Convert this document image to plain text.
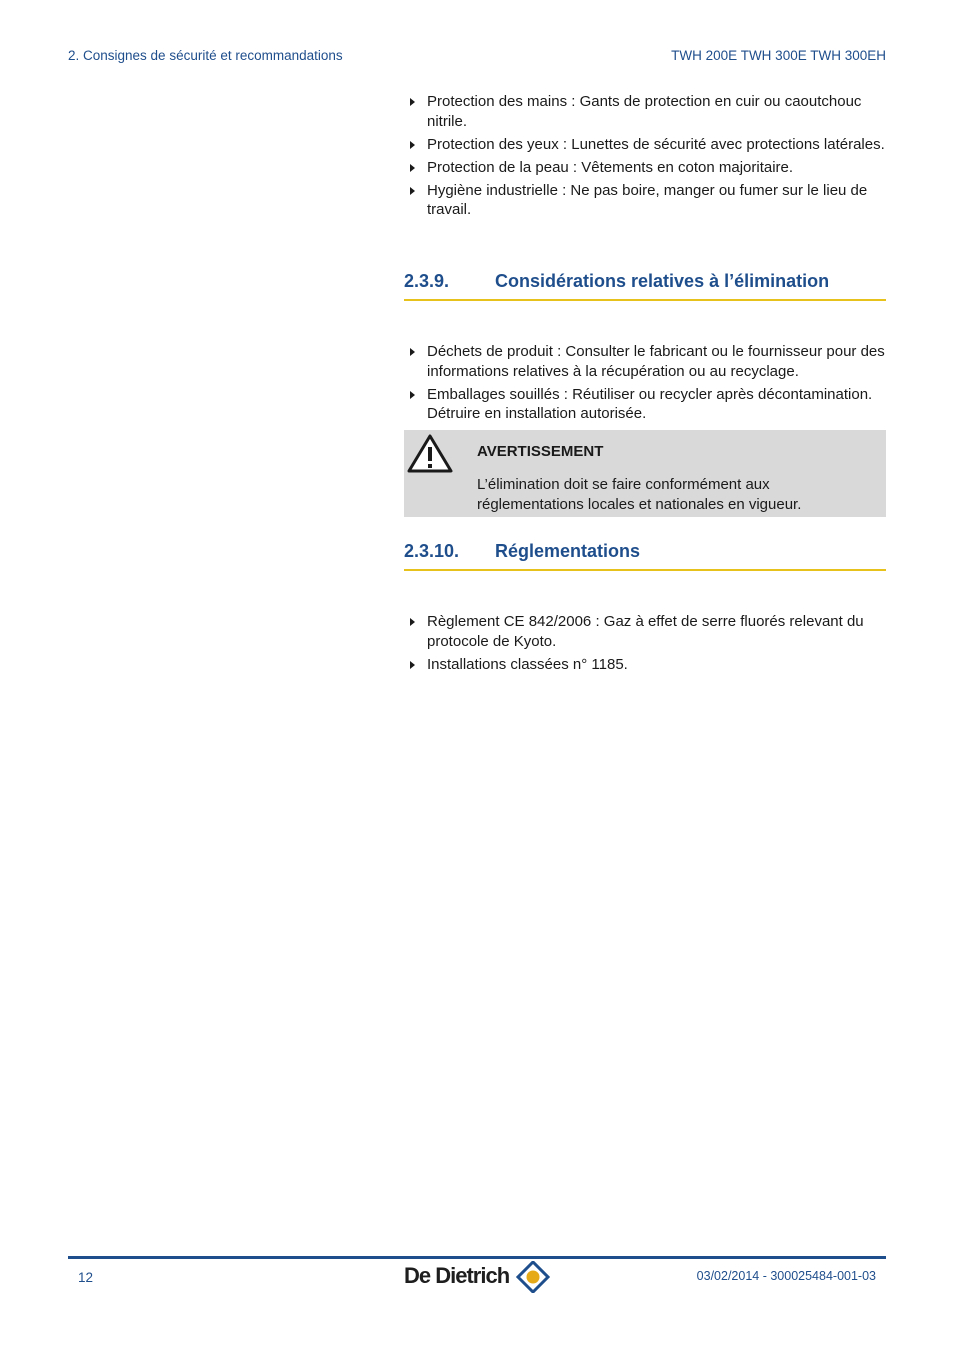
2. Consignes de sécurité et recommandations	TWH 200E TWH 300E TWH 300EH
Protection des mains : Gants de protection en cuir ou caoutchouc nitrile.
Protection des yeux : Lunettes de sécurité avec protections latérales.
Protection de la peau : Vêtements en coton majoritaire.
Hygiène industrielle : Ne pas boire, manger ou fumer sur le lieu de travail.
2.3.9.	Considérations relatives à l’élimination
Déchets de produit : Consulter le fabricant ou le fournisseur pour des informations relatives à la récupération ou au recyclage.
Emballages souillés : Réutiliser ou recycler après décontamination. Détruire en installation autorisée.
AVERTISSEMENT
L’élimination doit se faire conformément aux réglementations locales et nationales en vigueur.
2.3.10. Réglementations
Règlement CE 842/2006 : Gaz à effet de serre fluorés relevant du protocole de Kyoto.
Installations classées n° 1185.
12	De Dietrich	03/02/2014 - 300025484-001-03
